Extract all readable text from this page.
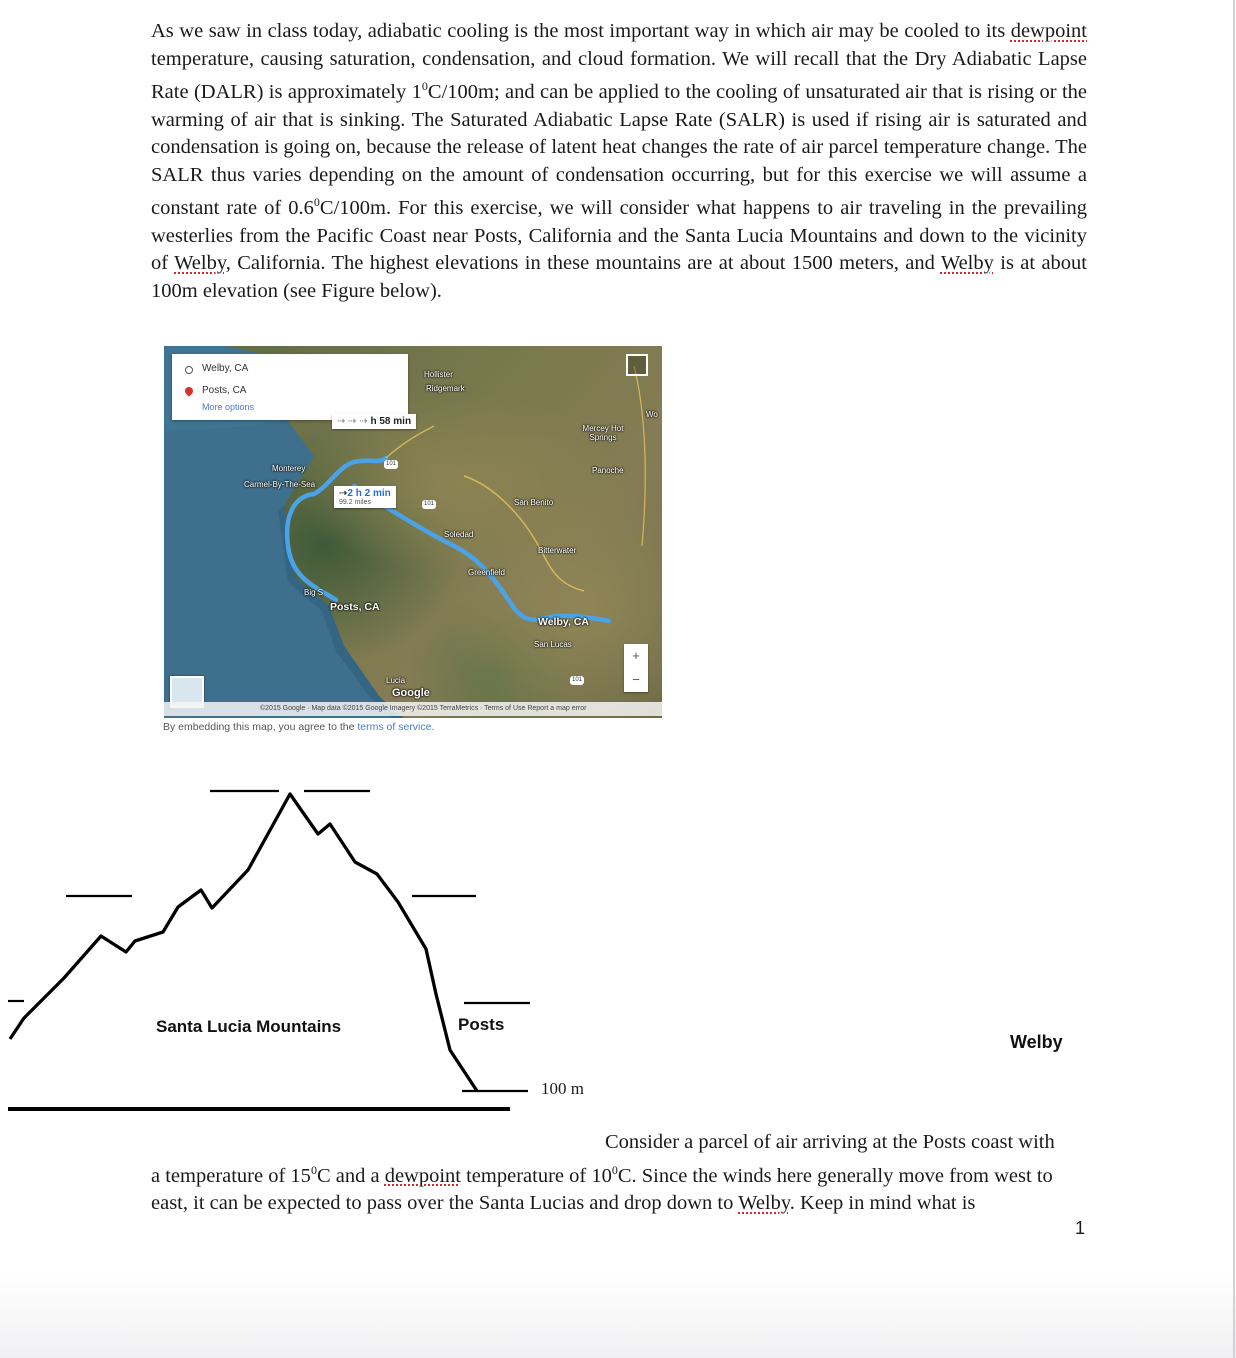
As we saw in class today, adiabatic cooling is the most important way in which air may be cooled to its dewpoint temperature, causing saturation, condensation, and cloud formation. We will recall that the Dry Adiabatic Lapse Rate (DALR) is approximately $1^0C/100m$; and can be applied to the cooling of unsaturated air that is rising or the warming of air that is sinking. The Saturated Adiabatic Lapse Rate (SALR) is used if rising air is saturated and condensation is going on, because the release of latent heat changes the rate of air parcel temperature change. The SALR thus varies depending on the amount of condensation occurring, but for this exercise we will assume a constant rate of $0.6^0C/100m$. For this exercise, we will consider what happens to air traveling in the prevailing westerlies from the Pacific Coast near Posts, California and the Santa Lucia Mountains and down to the vicinity of Welby, California. The highest elevations in these mountains are at about 1500 meters, and Welby is at about 100m elevation (see Figure below).

Welby, CA
Posts, CA
More options
⇢ ⇢ ⇢ h 58 min
⇢2 h 2 min
99.2 miles
Hollister
Ridgemark
Monterey
Carmel-By-The-Sea
Soledad
San Benito
Mercey Hot Springs
Panoche
Bitterwater
Greenfield
Big S
Posts, CA
Welby, CA
San Lucas
Lucia
Wo
101
101
101
Google
+
−
©2015 Google · Map data ©2015 Google Imagery ©2015 TerraMetrics · Terms of Use Report a map error
By embedding this map, you agree to the terms of service.
Santa Lucia Mountains	Posts
Welby
100 m

Consider a parcel of air arriving at the Posts coast with
a temperature of $15^0C$ and a dewpoint temperature of $10^0C$. Since the winds here generally move from west to east, it can be expected to pass over the Santa Lucias and drop down to Welby. Keep in mind what is

1
